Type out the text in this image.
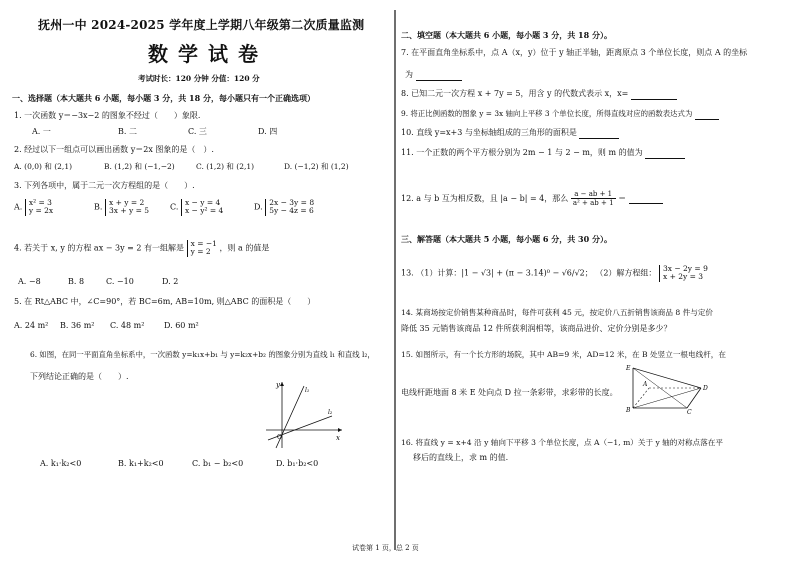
抚州一中 2024-2025 学年度上学期八年级第二次质量监测
数学试卷
考试时长：120 分钟 分值：120 分
一、选择题（本大题共 6 小题，每小题 3 分，共 18 分，每小题只有一个正确选项）
1. 一次函数 y＝−3x−2 的图象不经过（　　）象限.
A. 一	B. 二	C. 三	D. 四
2. 经过以下一组点可以画出函数 y＝2x 图象的是（　）.
A. (0,0) 和 (2,1)	B. (1,2) 和 (−1,−2)	C. (1,2) 和 (2,1)	D. (−1,2) 和 (1,2)
3. 下列各项中，属于二元一次方程组的是（　　）.
A. x² = 3
y = 2x	B. x + y = 2
3x + y = 5	C. x − y = 4
x − y² = 4	D. 2x − 3y = 8
5y − 4z = 6
4. 若关于 x, y 的方程 ax − 3y = 2 有一组解是 x = −1
y = 2	，则 a 的值是
A. −8	B. 8	C. −10	D. 2
5. 在 Rt△ABC 中，∠C=90°，若 BC=6m, AB=10m, 则△ABC 的面积是（　　）
A. 24 m² B. 36 m² C. 48 m² D. 60 m²
6. 如图，在同一平面直角坐标系中，一次函数 y=k₁x+b₁ 与 y=k₂x+b₂ 的图象分别为直线 l₁ 和直线 l₂，
下列结论正确的是（　　）.
y
x
O
l₁
l₂
A. k₁·k₂<0	B. k₁+k₂<0	C. b₁ − b₂<0	D. b₁·b₂<0
二、填空题（本大题共 6 小题，每小题 3 分，共 18 分）。
7. 在平面直角坐标系中，点 A（x，y）位于 y 轴正半轴，距离原点 3 个单位长度，则点 A 的坐标
为
8. 已知二元一次方程 x + 7y = 5，用含 y 的代数式表示 x，x=
9. 将正比例函数的图象 y = 3x 轴向上平移 3 个单位长度，所得直线对应的函数表达式为
10. 直线 y=x+3 与坐标轴组成的三角形的面积是
11. 一个正数的两个平方根分别为 2m − 1 与 2 − m，则 m 的值为
12. a 与 b 互为相反数，且 |a − b| = 4，那么 $\frac{a - ab + 1}{\text{a² + ab + 1}}$ ＝
三、解答题（本大题共 5 小题，每小题 6 分，共 30 分）。
13. （1）计算：|1 − √3| + (π − 3.14)⁰ − √6/√2； （2）解方程组： 3x − 2y = 9
x + 2y = 3
14. 某商场按定价销售某种商品时，每件可获利 45 元，按定价八五折销售该商品 8 件与定价
降低 35 元销售该商品 12 件所获利润相等，该商品进价、定价分别是多少？
15. 如图所示，有一个长方形的场院，其中 AB=9 米，AD=12 米，在 B 处竖立一根电线杆，在
E
A
B	C
D
电线杆距地面 8 米 E 处向点 D 拉一条彩带，求彩带的长度。
16. 将直线 y = x+4 沿 y 轴向下平移 3 个单位长度，点 A（−1, m）关于 y 轴的对称点落在平
移后的直线上，求 m 的值.
试卷第 1 页，总 2 页
